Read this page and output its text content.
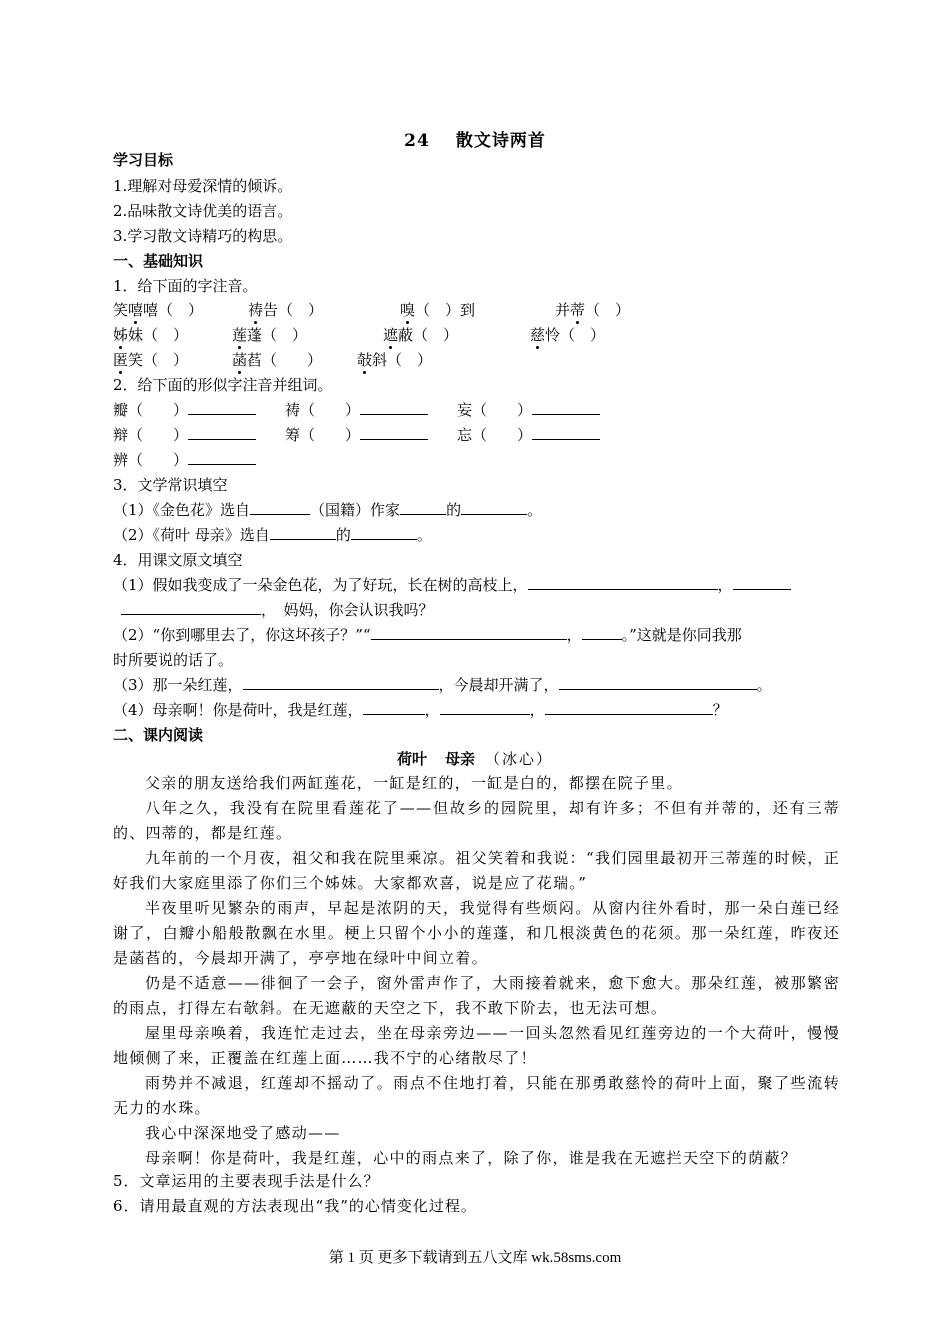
24 散文诗两首
学习目标
1.理解对母爱深情的倾诉。
2.品味散文诗优美的语言。
3.学习散文诗精巧的构思。
一、基础知识
1．给下面的字注音。
笑嘻嘻（　）	祷告（　）	嗅（　）到	并蒂（　）
姊妹（　）	莲蓬（　）	遮蔽（　）	慈怜（　）
匿笑（　）	菡萏（　　） 敧斜（　）
2．给下面的形似字注音并组词。
瓣（　　）	祷（　　）	妄（　　）
辩（　　）	筹（　　）	忘（　　）
辨（　　）
3．文学常识填空
（1）《金色花》选自	（国籍）作家	的	。
（2）《荷叶 母亲》选自	的	。
4．用课文原文填空
（1）假如我变成了一朵金色花，为了好玩，长在树的高枝上，	，
，　妈妈，你会认识我吗？
（2）“你到哪里去了，你这坏孩子？”“	，	。”这就是你同我那
时所要说的话了。
（3）那一朵红莲，	，今晨却开满了，	。
（4）母亲啊！你是荷叶，我是红莲，	，	，	？
二、课内阅读
荷叶 母亲 （冰心）
父亲的朋友送给我们两缸莲花，一缸是红的，一缸是白的，都摆在院子里。
八年之久，我没有在院里看莲花了——但故乡的园院里，却有许多；不但有并蒂的，还有三蒂的、四蒂的，都是红莲。
九年前的一个月夜，祖父和我在院里乘凉。祖父笑着和我说：“我们园里最初开三蒂莲的时候，正好我们大家庭里添了你们三个姊妹。大家都欢喜，说是应了花瑞。”
半夜里听见繁杂的雨声，早起是浓阴的天，我觉得有些烦闷。从窗内往外看时，那一朵白莲已经谢了，白瓣小船般散飘在水里。梗上只留个小小的莲蓬，和几根淡黄色的花须。那一朵红莲，昨夜还是菡萏的，今晨却开满了，亭亭地在绿叶中间立着。
仍是不适意——徘徊了一会子，窗外雷声作了，大雨接着就来，愈下愈大。那朵红莲，被那繁密的雨点，打得左右欹斜。在无遮蔽的天空之下，我不敢下阶去，也无法可想。
屋里母亲唤着，我连忙走过去，坐在母亲旁边——一回头忽然看见红莲旁边的一个大荷叶，慢慢地倾侧了来，正覆盖在红莲上面……我不宁的心绪散尽了！
雨势并不减退，红莲却不摇动了。雨点不住地打着，只能在那勇敢慈怜的荷叶上面，聚了些流转无力的水珠。
我心中深深地受了感动——
母亲啊！你是荷叶，我是红莲，心中的雨点来了，除了你，谁是我在无遮拦天空下的荫蔽？
5．文章运用的主要表现手法是什么？
6．请用最直观的方法表现出“我”的心情变化过程。
第 1 页 更多下载请到五八文库 wk.58sms.com
